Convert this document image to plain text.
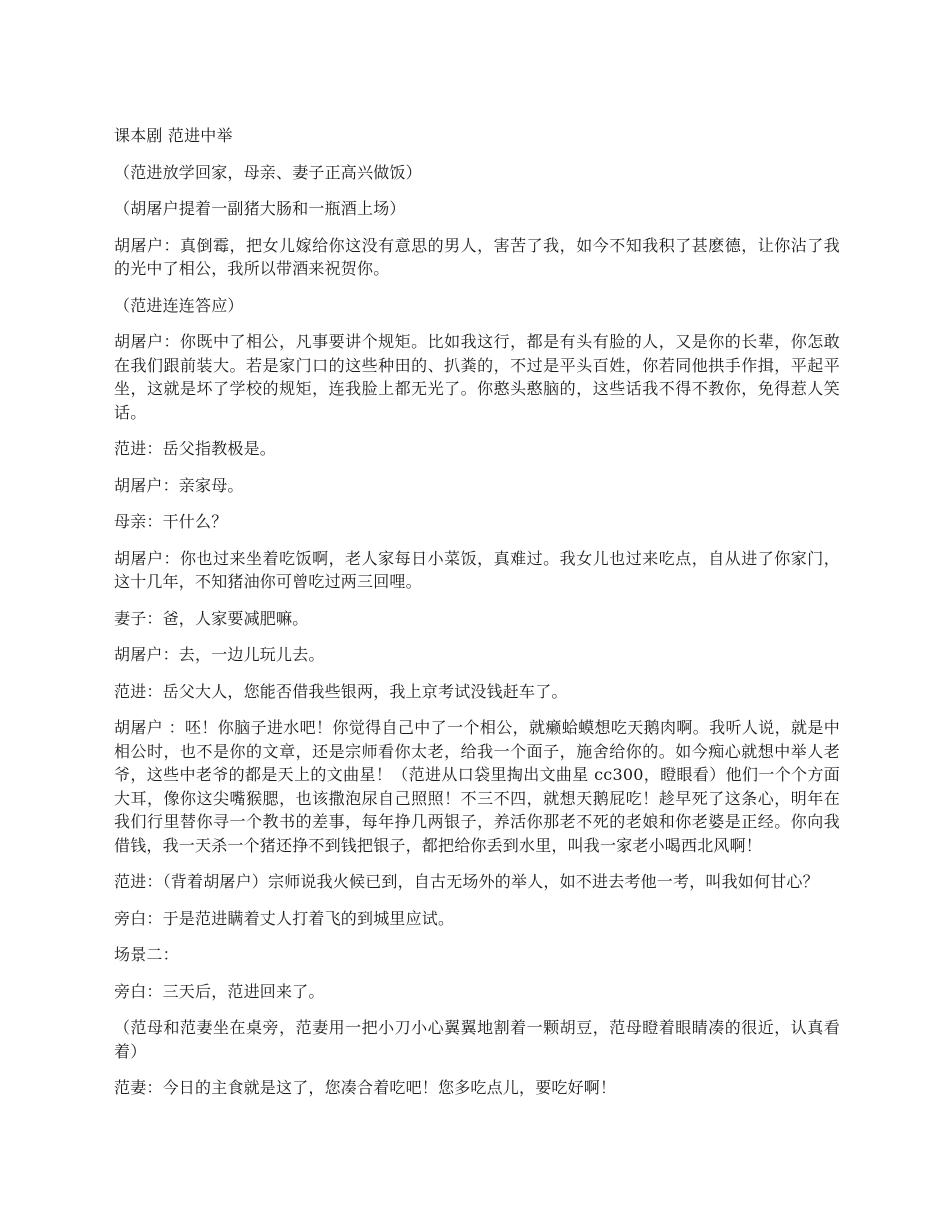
课本剧 范进中举

（范进放学回家，母亲、妻子正高兴做饭）

（胡屠户提着一副猪大肠和一瓶酒上场）

胡屠户：真倒霉，把女儿嫁给你这没有意思的男人，害苦了我，如今不知我积了甚麽德，让你沾了我的光中了相公，我所以带酒来祝贺你。

（范进连连答应）

胡屠户：你既中了相公，凡事要讲个规矩。比如我这行，都是有头有脸的人，又是你的长辈，你怎敢在我们跟前装大。若是家门口的这些种田的、扒粪的，不过是平头百姓，你若同他拱手作揖，平起平坐，这就是坏了学校的规矩，连我脸上都无光了。你憨头憨脑的，这些话我不得不教你，免得惹人笑话。

范进：岳父指教极是。

胡屠户：亲家母。

母亲：干什么？

胡屠户：你也过来坐着吃饭啊，老人家每日小菜饭，真难过。我女儿也过来吃点，自从进了你家门，这十几年，不知猪油你可曾吃过两三回哩。

妻子：爸，人家要减肥嘛。

胡屠户：去，一边儿玩儿去。

范进：岳父大人，您能否借我些银两，我上京考试没钱赶车了。

胡屠户 ：呸！你脑子进水吧！你觉得自己中了一个相公，就癞蛤蟆想吃天鹅肉啊。我听人说，就是中相公时，也不是你的文章，还是宗师看你太老，给我一个面子，施舍给你的。如今痴心就想中举人老爷，这些中老爷的都是天上的文曲星！（范进从口袋里掏出文曲星 cc300，瞪眼看）他们一个个方面大耳，像你这尖嘴猴腮，也该撒泡尿自己照照！不三不四，就想天鹅屁吃！趁早死了这条心，明年在我们行里替你寻一个教书的差事，每年挣几两银子，养活你那老不死的老娘和你老婆是正经。你向我借钱，我一天杀一个猪还挣不到钱把银子，都把给你丢到水里，叫我一家老小喝西北风啊！

范进：（背着胡屠户）宗师说我火候已到，自古无场外的举人，如不进去考他一考，叫我如何甘心？

旁白：于是范进瞒着丈人打着飞的到城里应试。

场景二：

旁白：三天后，范进回来了。

（范母和范妻坐在桌旁，范妻用一把小刀小心翼翼地割着一颗胡豆，范母瞪着眼睛凑的很近，认真看着）

范妻：今日的主食就是这了，您凑合着吃吧！您多吃点儿，要吃好啊！
